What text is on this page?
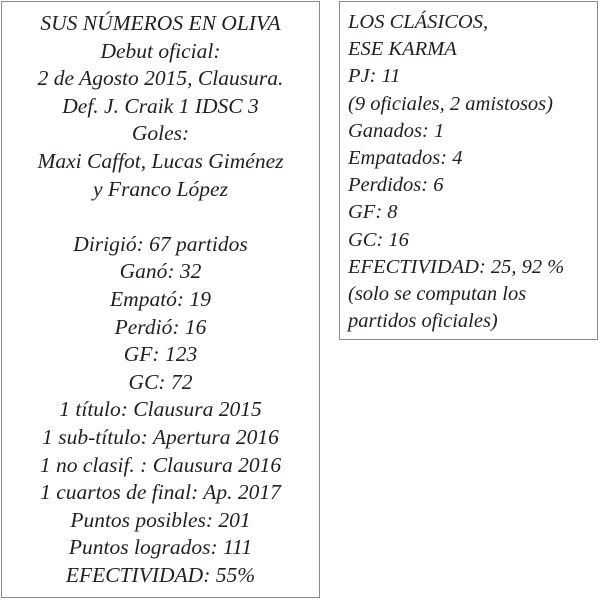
SUS NÚMEROS EN OLIVA
Debut oficial:
2 de Agosto 2015, Clausura.
Def. J. Craik 1 IDSC 3
Goles:
Maxi Caffot, Lucas Giménez
y Franco López
Dirigió: 67 partidos
Ganó: 32
Empató: 19
Perdió: 16
GF: 123
GC: 72
1 título: Clausura 2015
1 sub-título: Apertura 2016
1 no clasif. : Clausura 2016
1 cuartos de final: Ap. 2017
Puntos posibles: 201
Puntos logrados: 111
EFECTIVIDAD: 55%
LOS CLÁSICOS,
ESE KARMA
PJ: 11
(9 oficiales, 2 amistosos)
Ganados: 1
Empatados: 4
Perdidos: 6
GF: 8
GC: 16
EFECTIVIDAD: 25, 92 %
(solo se computan los
partidos oficiales)
